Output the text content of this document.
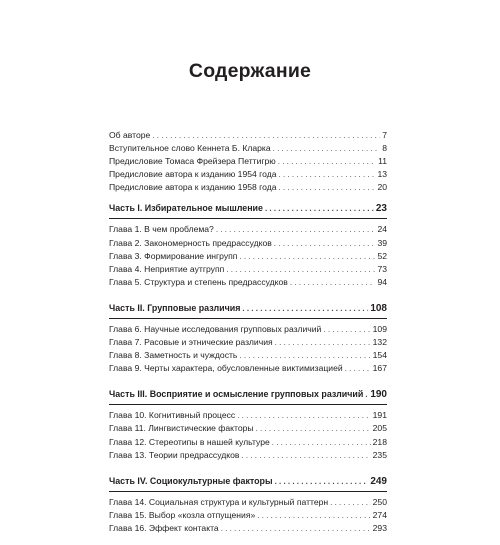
Содержание
Об авторе . . .	7
Вступительное слово Кеннета Б. Кларка . . .	8
Предисловие Томаса Фрейзера Петтигрю . . .	11
Предисловие автора к изданию 1954 года . . .	13
Предисловие автора к изданию 1958 года . . .	20
Часть I. Избирательное мышление . . .	23
Глава 1. В чем проблема? . . .	24
Глава 2. Закономерность предрассудков . . .	39
Глава 3. Формирование ингрупп . . .	52
Глава 4. Неприятие аутгрупп . . .	73
Глава 5. Структура и степень предрассудков . . .	94
Часть II. Групповые различия . . .	108
Глава 6. Научные исследования групповых различий . . .	109
Глава 7. Расовые и этнические различия . . .	132
Глава 8. Заметность и чуждость . . .	154
Глава 9. Черты характера, обусловленные виктимизацией . . .	167
Часть III. Восприятие и осмысление групповых различий . . . 190
Глава 10. Когнитивный процесс . . .	191
Глава 11. Лингвистические факторы . . .	205
Глава 12. Стереотипы в нашей культуре . . .	218
Глава 13. Теории предрассудков . . .	235
Часть IV. Социокультурные факторы . . .	249
Глава 14. Социальная структура и культурный паттерн . . .	250
Глава 15. Выбор «козла отпущения» . . .	274
Глава 16. Эффект контакта . . .	293
